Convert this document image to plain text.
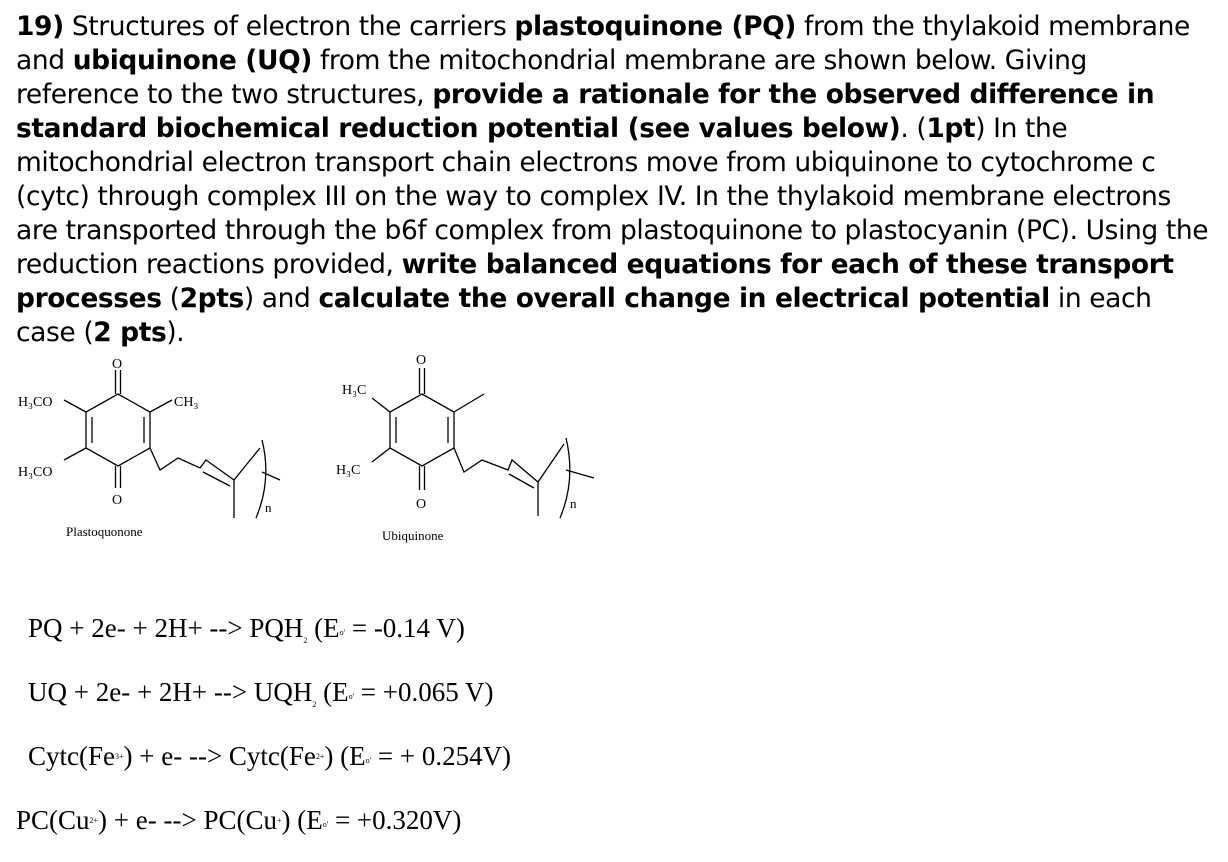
19) Structures of electron the carriers plastoquinone (PQ) from the thylakoid membrane and ubiquinone (UQ) from the mitochondrial membrane are shown below. Giving reference to the two structures, provide a rationale for the observed difference in standard biochemical reduction potential (see values below). (1pt) In the mitochondrial electron transport chain electrons move from ubiquinone to cytochrome c (cytc) through complex III on the way to complex IV. In the thylakoid membrane electrons are transported through the b6f complex from plastoquinone to plastocyanin (PC). Using the reduction reactions provided, write balanced equations for each of these transport processes (2pts) and calculate the overall change in electrical potential in each case (2 pts).

O
O
H₃CO
H₃CO
CH₃
n
Plastoquonone
O
O
H₃C
H₃C
n
Ubiquinone
PQ + 2e- + 2H+ --> $PQH_2$ (Eo' = -0.14 V)
UQ + 2e- + 2H+ --> $UQH_2$ (Eo' = +0.065 V)
$Cytc(Fe^{3+}) + e-$ --> $Cytc(Fe^{2+}) (Eo'$ = + 0.254V)
$PC(Cu^{2+}) + e-$ --> PC(Cu+) (Eo' = +0.320V)
